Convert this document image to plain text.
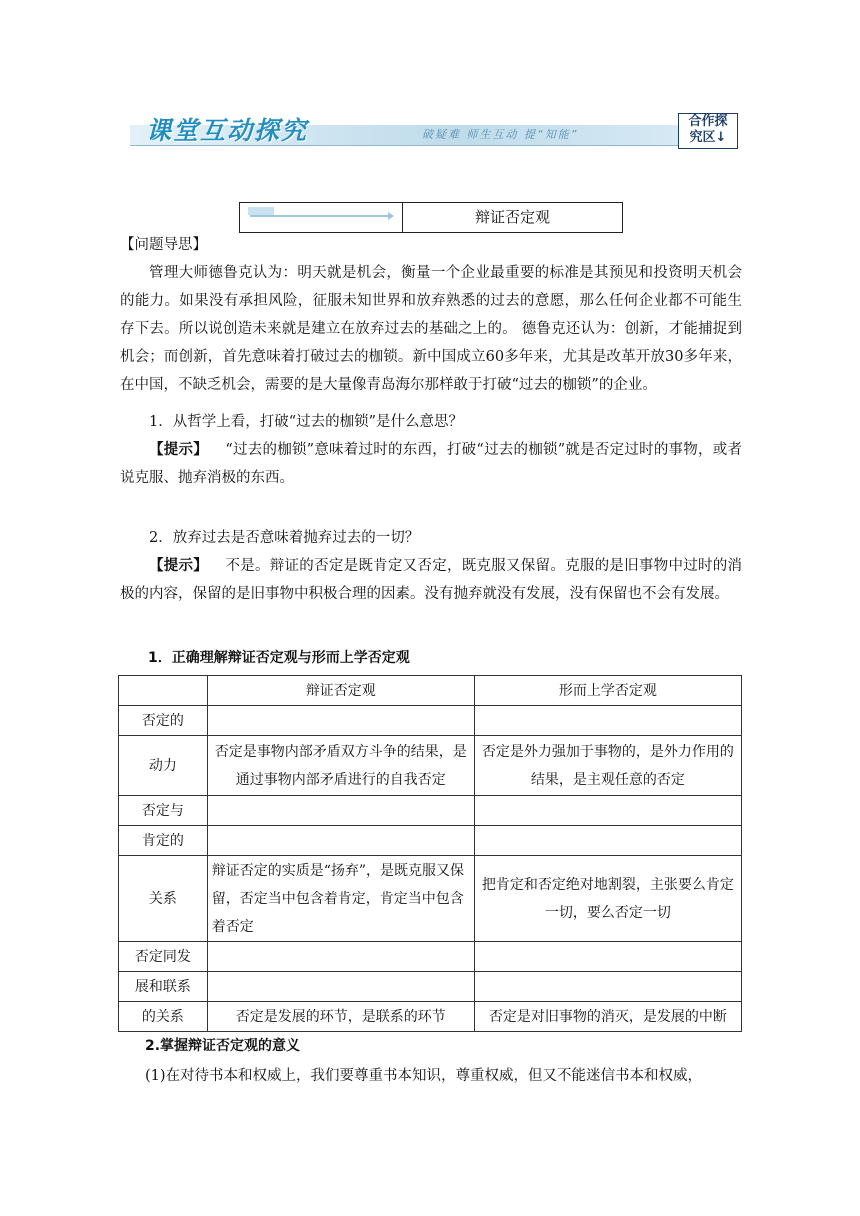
课堂互动探究	破疑难 师生互动 提“知能”
合作探
究区↓
辩证否定观
【问题导思】
管理大师德鲁克认为：明天就是机会，衡量一个企业最重要的标准是其预见和投资明天机会的能力。如果没有承担风险，征服未知世界和放弃熟悉的过去的意愿，那么任何企业都不可能生存下去。所以说创造未来就是建立在放弃过去的基础之上的。 德鲁克还认为：创新，才能捕捉到机会；而创新，首先意味着打破过去的枷锁。新中国成立60多年来，尤其是改革开放30多年来，在中国，不缺乏机会，需要的是大量像青岛海尔那样敢于打破“过去的枷锁”的企业。
1．从哲学上看，打破“过去的枷锁”是什么意思？
【提示】 “过去的枷锁”意味着过时的东西，打破“过去的枷锁”就是否定过时的事物，或者说克服、抛弃消极的东西。
2．放弃过去是否意味着抛弃过去的一切？
【提示】 不是。辩证的否定是既肯定又否定，既克服又保留。克服的是旧事物中过时的消极的内容，保留的是旧事物中积极合理的因素。没有抛弃就没有发展，没有保留也不会有发展。
1．正确理解辩证否定观与形而上学否定观
	辩证否定观	形而上学否定观
否定的		
动力	否定是事物内部矛盾双方斗争的结果，是通过事物内部矛盾进行的自我否定	否定是外力强加于事物的，是外力作用的结果，是主观任意的否定
否定与		
肯定的		
关系	辩证否定的实质是“扬弃”，是既克服又保留，否定当中包含着肯定，肯定当中包含着否定	把肯定和否定绝对地割裂，主张要么肯定一切，要么否定一切
否定同发		
展和联系		
的关系	否定是发展的环节，是联系的环节	否定是对旧事物的消灭，是发展的中断
2.掌握辩证否定观的意义
(1)在对待书本和权威上，我们要尊重书本知识，尊重权威，但又不能迷信书本和权威，
